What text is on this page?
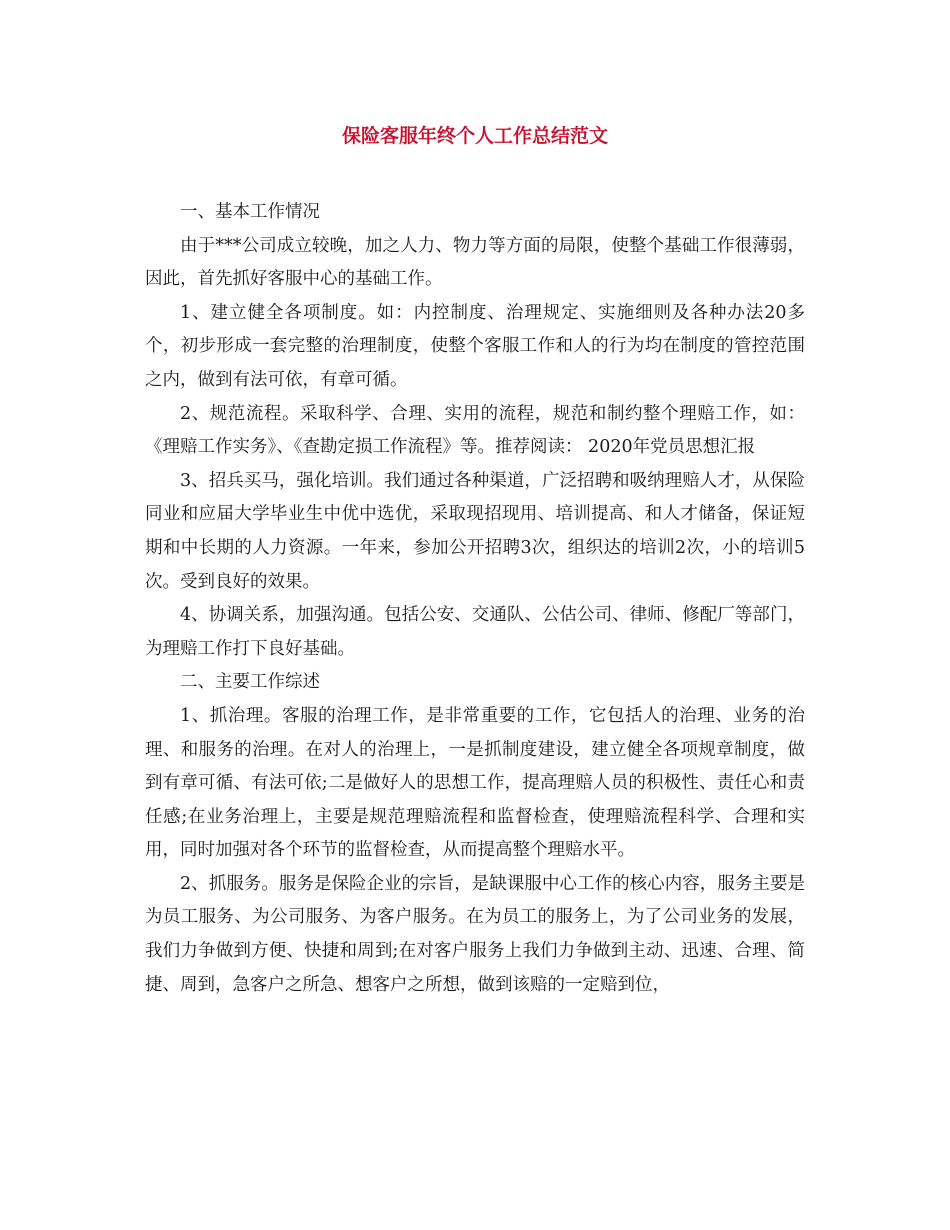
保险客服年终个人工作总结范文

一、基本工作情况

由于***公司成立较晚，加之人力、物力等方面的局限，使整个基础工作很薄弱，因此，首先抓好客服中心的基础工作。

1、建立健全各项制度。如：内控制度、治理规定、实施细则及各种办法20多个，初步形成一套完整的治理制度，使整个客服工作和人的行为均在制度的管控范围之内，做到有法可依，有章可循。

2、规范流程。采取科学、合理、实用的流程，规范和制约整个理赔工作，如：《理赔工作实务》、《查勘定损工作流程》等。推荐阅读： 2020年党员思想汇报

3、招兵买马，强化培训。我们通过各种渠道，广泛招聘和吸纳理赔人才，从保险同业和应届大学毕业生中优中选优，采取现招现用、培训提高、和人才储备，保证短期和中长期的人力资源。一年来，参加公开招聘3次，组织达的培训2次，小的培训5次。受到良好的效果。

4、协调关系，加强沟通。包括公安、交通队、公估公司、律师、修配厂等部门，为理赔工作打下良好基础。

二、主要工作综述

1、抓治理。客服的治理工作，是非常重要的工作，它包括人的治理、业务的治理、和服务的治理。在对人的治理上，一是抓制度建设，建立健全各项规章制度，做到有章可循、有法可依;二是做好人的思想工作，提高理赔人员的积极性、责任心和责任感;在业务治理上，主要是规范理赔流程和监督检查，使理赔流程科学、合理和实用，同时加强对各个环节的监督检查，从而提高整个理赔水平。

2、抓服务。服务是保险企业的宗旨，是缺课服中心工作的核心内容，服务主要是为员工服务、为公司服务、为客户服务。在为员工的服务上，为了公司业务的发展，我们力争做到方便、快捷和周到;在对客户服务上我们力争做到主动、迅速、合理、简捷、周到，急客户之所急、想客户之所想，做到该赔的一定赔到位，
